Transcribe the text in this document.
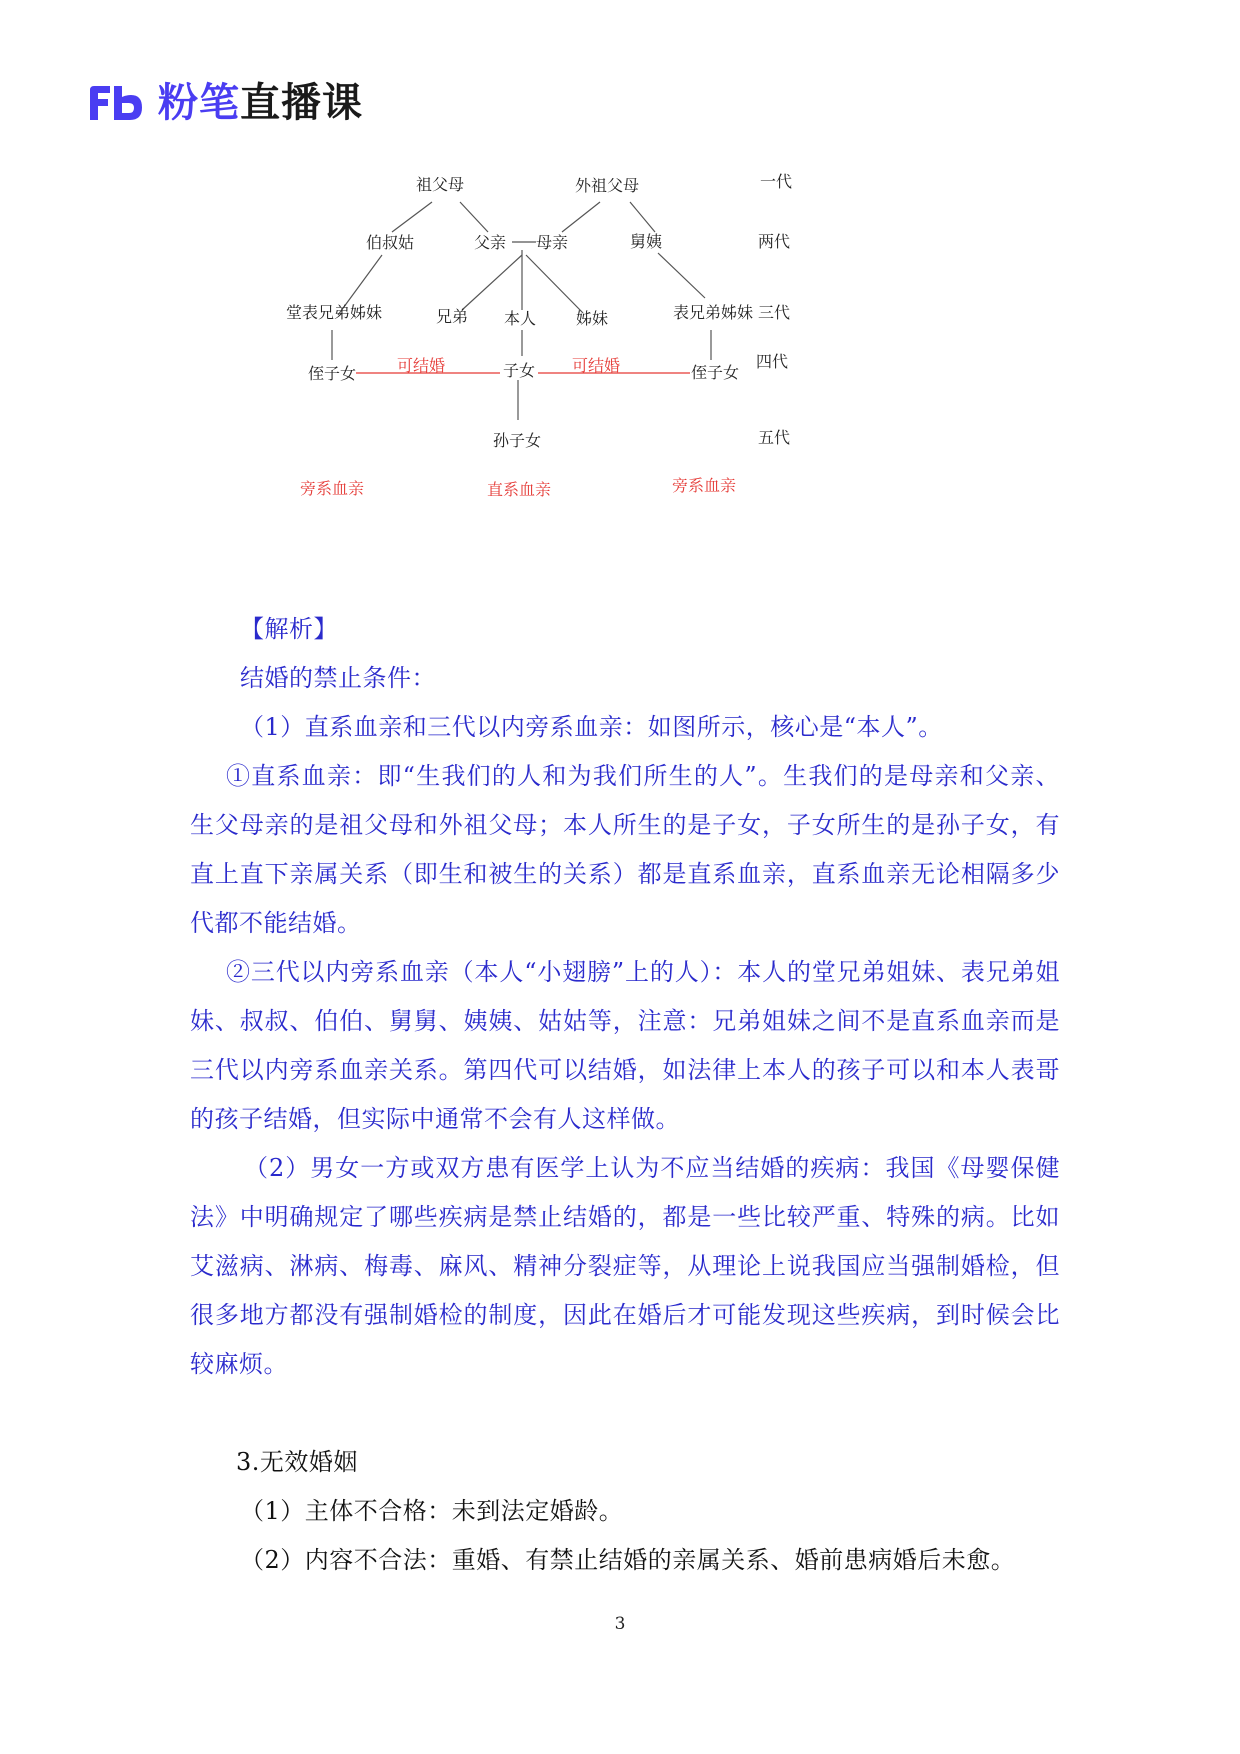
粉笔直播课
祖父母	外祖父母
伯叔姑	父亲 母亲	舅姨
堂表兄弟姊妹	兄弟 本人 姊妹	表兄弟姊妹
侄子女	子女	侄子女
孙子女
可结婚	可结婚
旁系血亲	直系血亲	旁系血亲
一代
两代
三代
四代
五代

【解析】

结婚的禁止条件：

（1）直系血亲和三代以内旁系血亲：如图所示，核心是“本人”。

①直系血亲：即“生我们的人和为我们所生的人”。生我们的是母亲和父亲、生父母亲的是祖父母和外祖父母；本人所生的是子女，子女所生的是孙子女，有直上直下亲属关系（即生和被生的关系）都是直系血亲，直系血亲无论相隔多少代都不能结婚。

②三代以内旁系血亲（本人“小翅膀”上的人）：本人的堂兄弟姐妹、表兄弟姐妹、叔叔、伯伯、舅舅、姨姨、姑姑等，注意：兄弟姐妹之间不是直系血亲而是三代以内旁系血亲关系。第四代可以结婚，如法律上本人的孩子可以和本人表哥的孩子结婚，但实际中通常不会有人这样做。

（2）男女一方或双方患有医学上认为不应当结婚的疾病：我国《母婴保健法》中明确规定了哪些疾病是禁止结婚的，都是一些比较严重、特殊的病。比如艾滋病、淋病、梅毒、麻风、精神分裂症等，从理论上说我国应当强制婚检，但很多地方都没有强制婚检的制度，因此在婚后才可能发现这些疾病，到时候会比较麻烦。

3.无效婚姻

（1）主体不合格：未到法定婚龄。

（2）内容不合法：重婚、有禁止结婚的亲属关系、婚前患病婚后未愈。

3
